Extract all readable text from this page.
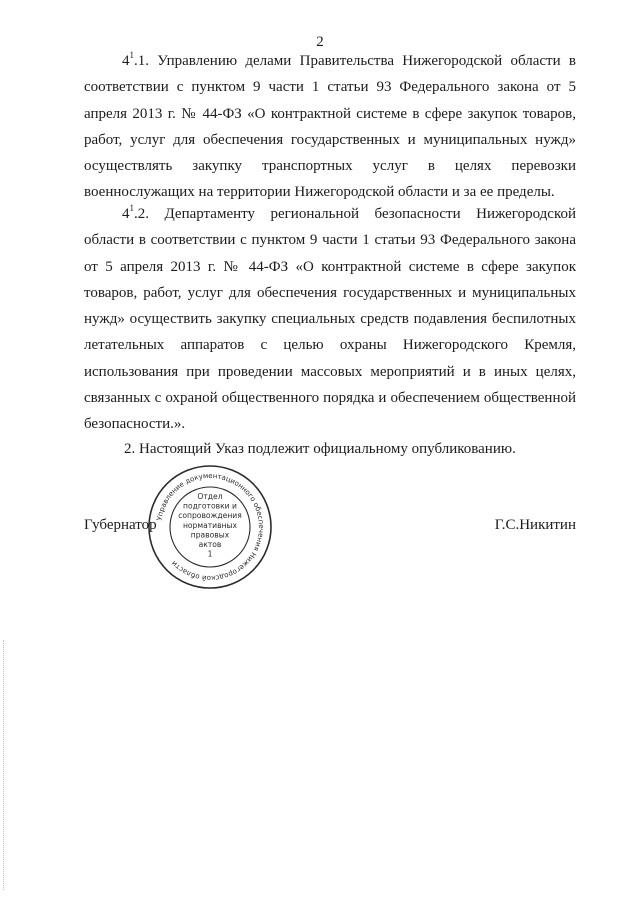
2
$4^1.1$. Управлению делами Правительства Нижегородской области в соответствии с пунктом 9 части 1 статьи 93 Федерального закона от 5 апреля 2013 г. № 44-ФЗ «О контрактной системе в сфере закупок товаров, работ, услуг для обеспечения государственных и муниципальных нужд» осуществлять закупку транспортных услуг в целях перевозки военнослужащих на территории Нижегородской области и за ее пределы.
$4^1.2$. Департаменту региональной безопасности Нижегородской области в соответствии с пунктом 9 части 1 статьи 93 Федерального закона от 5 апреля 2013 г. № 44-ФЗ «О контрактной системе в сфере закупок товаров, работ, услуг для обеспечения государственных и муниципальных нужд» осуществить закупку специальных средств подавления беспилотных летательных аппаратов с целью охраны Нижегородского Кремля, использования при проведении массовых мероприятий и в иных целях, связанных с охраной общественного порядка и обеспечением общественной безопасности.».
2. Настоящий Указ подлежит официальному опубликованию.
Губернатор	Г.С.Никитин
Управление документационного обеспечения Нижегородской области
Отдел
подготовки и
сопровождения
нормативных
правовых
актов
1
